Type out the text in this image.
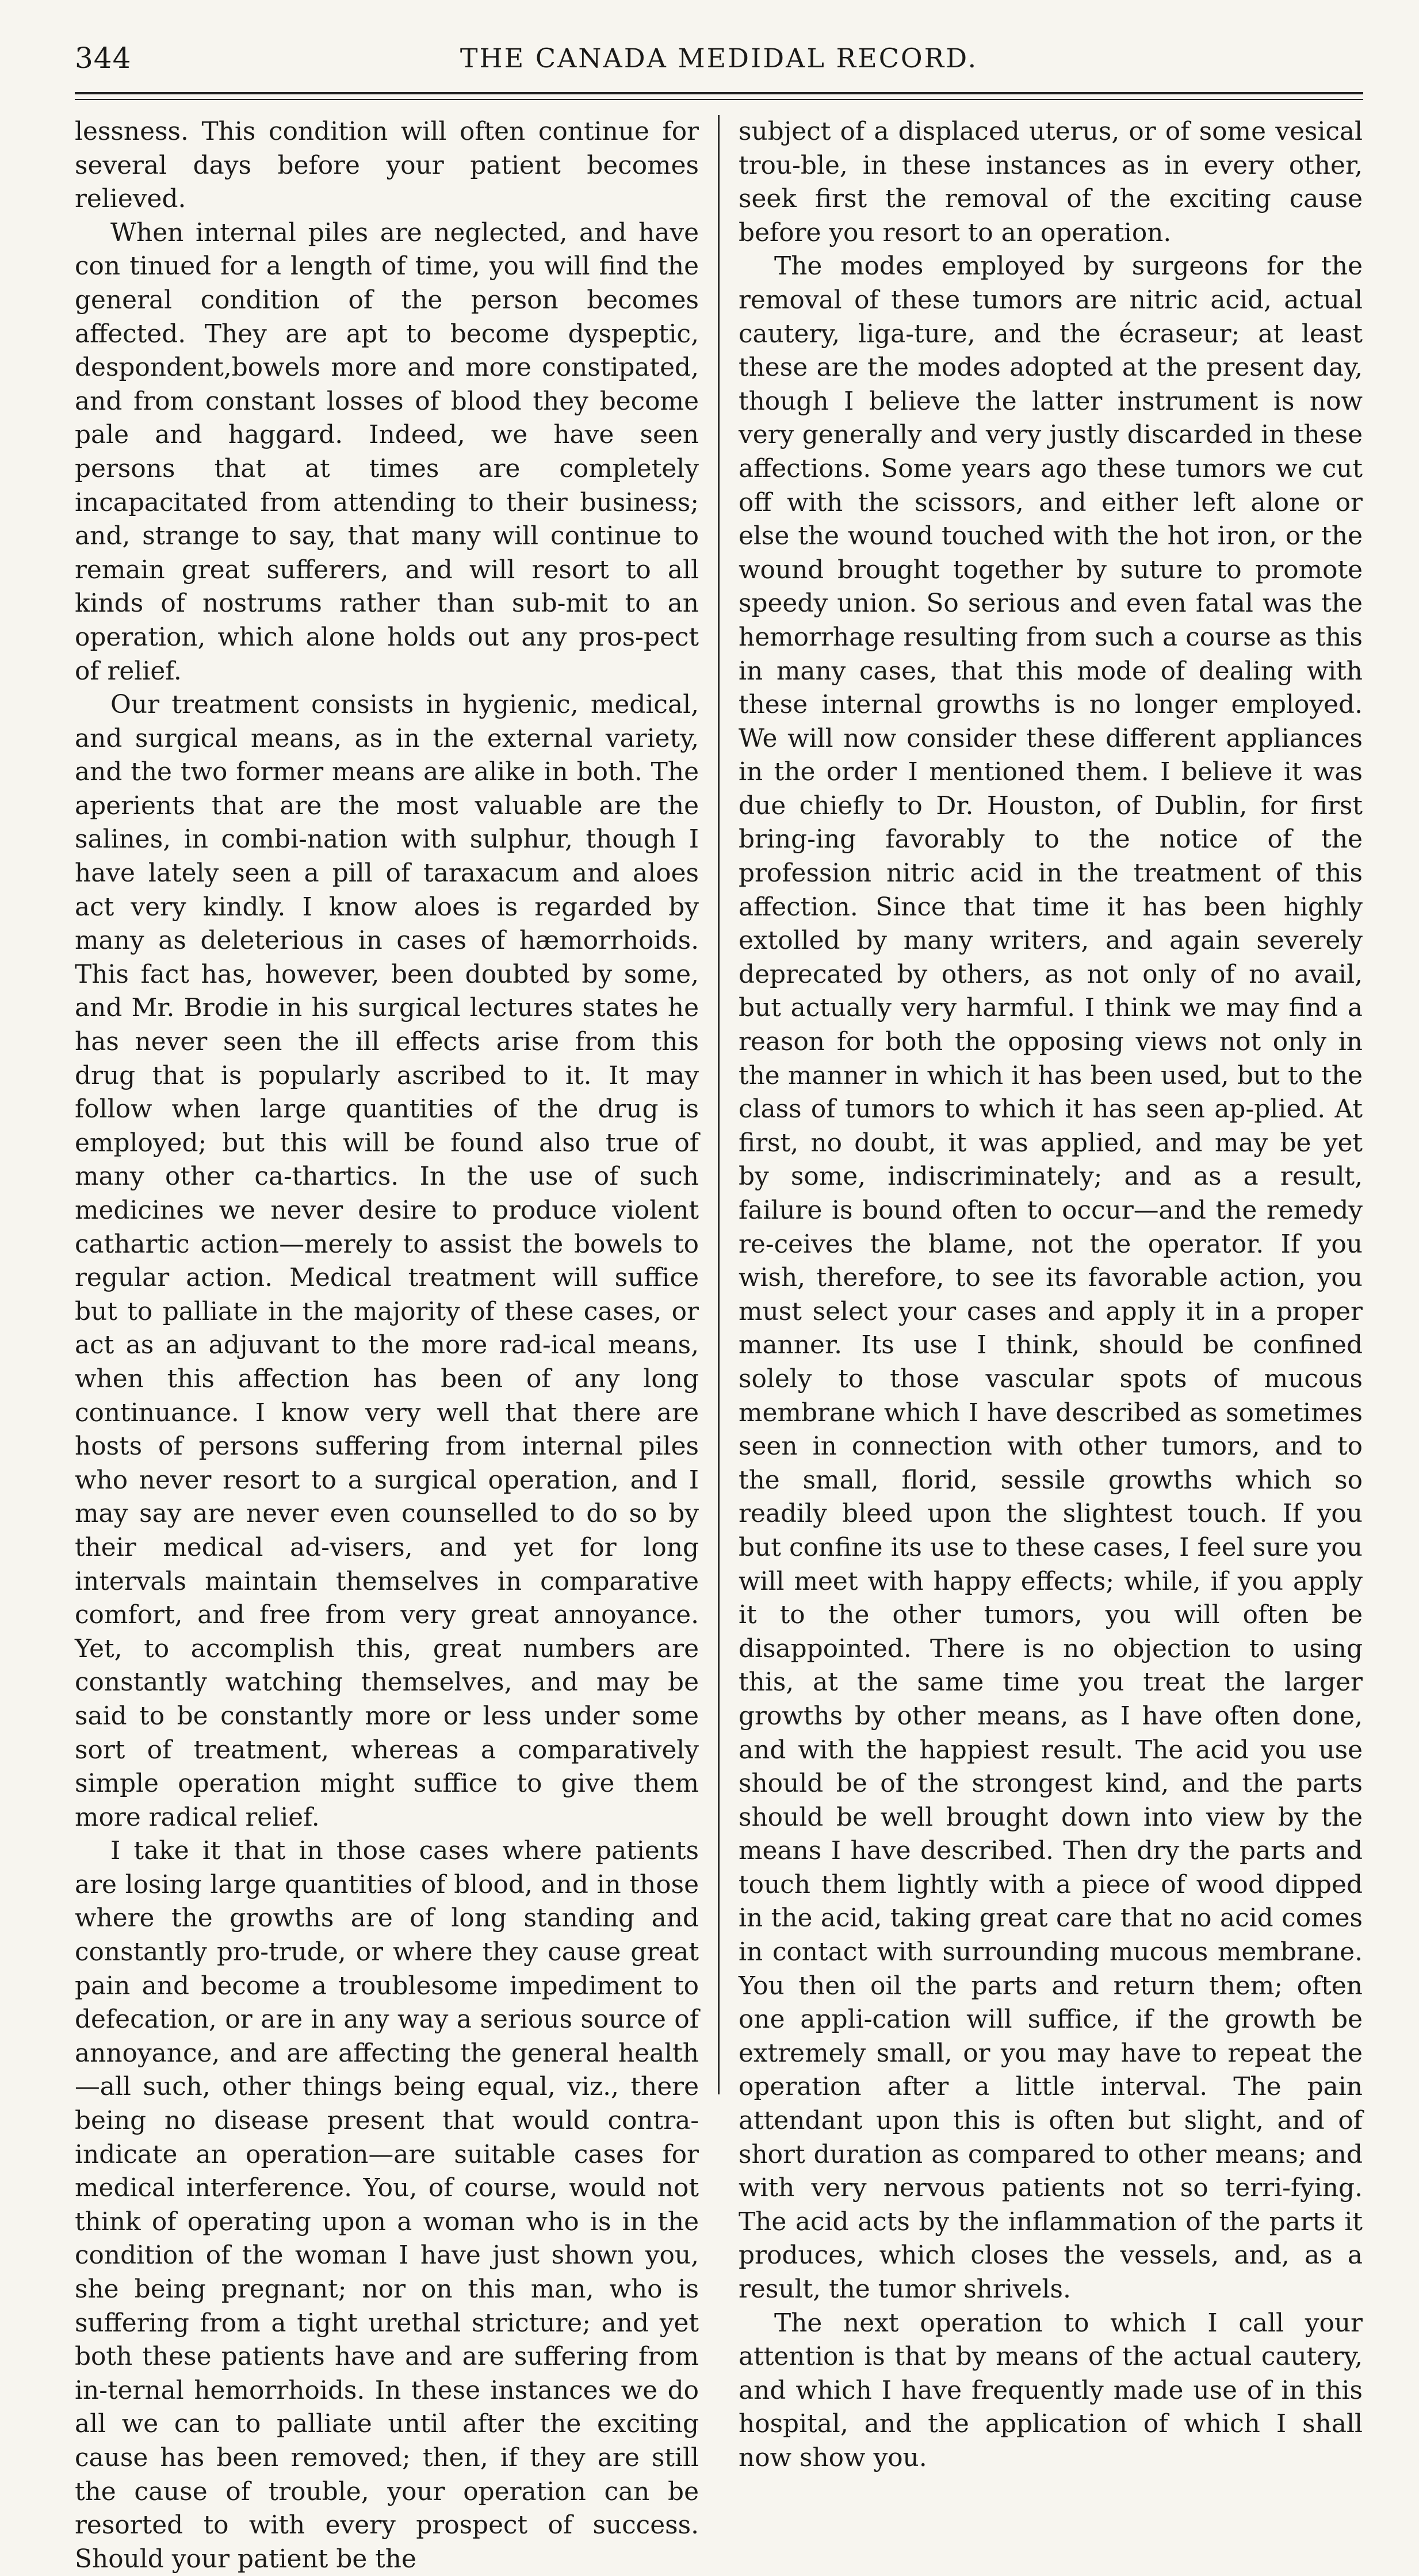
344	THE CANADA MEDIDAL RECORD.

lessness. This condition will often continue for several days before your patient becomes relieved.

When internal piles are neglected, and have con tinued for a length of time, you will find the general condition of the person becomes affected. They are apt to become dyspeptic, despondent,bowels more and more constipated, and from constant losses of blood they become pale and haggard. Indeed, we have seen persons that at times are completely incapacitated from attending to their business; and, strange to say, that many will continue to remain great sufferers, and will resort to all kinds of nostrums rather than sub-mit to an operation, which alone holds out any pros-pect of relief.

Our treatment consists in hygienic, medical, and surgical means, as in the external variety, and the two former means are alike in both. The aperients that are the most valuable are the salines, in combi-nation with sulphur, though I have lately seen a pill of taraxacum and aloes act very kindly. I know aloes is regarded by many as deleterious in cases of hæmorrhoids. This fact has, however, been doubted by some, and Mr. Brodie in his surgical lectures states he has never seen the ill effects arise from this drug that is popularly ascribed to it. It may follow when large quantities of the drug is employed; but this will be found also true of many other ca-thartics. In the use of such medicines we never desire to produce violent cathartic action—merely to assist the bowels to regular action. Medical treatment will suffice but to palliate in the majority of these cases, or act as an adjuvant to the more rad-ical means, when this affection has been of any long continuance. I know very well that there are hosts of persons suffering from internal piles who never resort to a surgical operation, and I may say are never even counselled to do so by their medical ad-visers, and yet for long intervals maintain themselves in comparative comfort, and free from very great annoyance. Yet, to accomplish this, great numbers are constantly watching themselves, and may be said to be constantly more or less under some sort of treatment, whereas a comparatively simple operation might suffice to give them more radical relief.

I take it that in those cases where patients are losing large quantities of blood, and in those where the growths are of long standing and constantly pro-trude, or where they cause great pain and become a troublesome impediment to defecation, or are in any way a serious source of annoyance, and are affecting the general health—all such, other things being equal, viz., there being no disease present that would contra-indicate an operation—are suitable cases for medical interference. You, of course, would not think of operating upon a woman who is in the condition of the woman I have just shown you, she being pregnant; nor on this man, who is suffering from a tight urethal stricture; and yet both these patients have and are suffering from in-ternal hemorrhoids. In these instances we do all we can to palliate until after the exciting cause has been removed; then, if they are still the cause of trouble, your operation can be resorted to with every prospect of success. Should your patient be the

subject of a displaced uterus, or of some vesical trou-ble, in these instances as in every other, seek first the removal of the exciting cause before you resort to an operation.

The modes employed by surgeons for the removal of these tumors are nitric acid, actual cautery, liga-ture, and the écraseur; at least these are the modes adopted at the present day, though I believe the latter instrument is now very generally and very justly discarded in these affections. Some years ago these tumors we cut off with the scissors, and either left alone or else the wound touched with the hot iron, or the wound brought together by suture to promote speedy union. So serious and even fatal was the hemorrhage resulting from such a course as this in many cases, that this mode of dealing with these internal growths is no longer employed. We will now consider these different appliances in the order I mentioned them. I believe it was due chiefly to Dr. Houston, of Dublin, for first bring-ing favorably to the notice of the profession nitric acid in the treatment of this affection. Since that time it has been highly extolled by many writers, and again severely deprecated by others, as not only of no avail, but actually very harmful. I think we may find a reason for both the opposing views not only in the manner in which it has been used, but to the class of tumors to which it has seen ap-plied. At first, no doubt, it was applied, and may be yet by some, indiscriminately; and as a result, failure is bound often to occur—and the remedy re-ceives the blame, not the operator. If you wish, therefore, to see its favorable action, you must select your cases and apply it in a proper manner. Its use I think, should be confined solely to those vascular spots of mucous membrane which I have described as sometimes seen in connection with other tumors, and to the small, florid, sessile growths which so readily bleed upon the slightest touch. If you but confine its use to these cases, I feel sure you will meet with happy effects; while, if you apply it to the other tumors, you will often be disappointed. There is no objection to using this, at the same time you treat the larger growths by other means, as I have often done, and with the happiest result. The acid you use should be of the strongest kind, and the parts should be well brought down into view by the means I have described. Then dry the parts and touch them lightly with a piece of wood dipped in the acid, taking great care that no acid comes in contact with surrounding mucous membrane. You then oil the parts and return them; often one appli-cation will suffice, if the growth be extremely small, or you may have to repeat the operation after a little interval. The pain attendant upon this is often but slight, and of short duration as compared to other means; and with very nervous patients not so terri-fying. The acid acts by the inflammation of the parts it produces, which closes the vessels, and, as a result, the tumor shrivels.

The next operation to which I call your attention is that by means of the actual cautery, and which I have frequently made use of in this hospital, and the application of which I shall now show you.
